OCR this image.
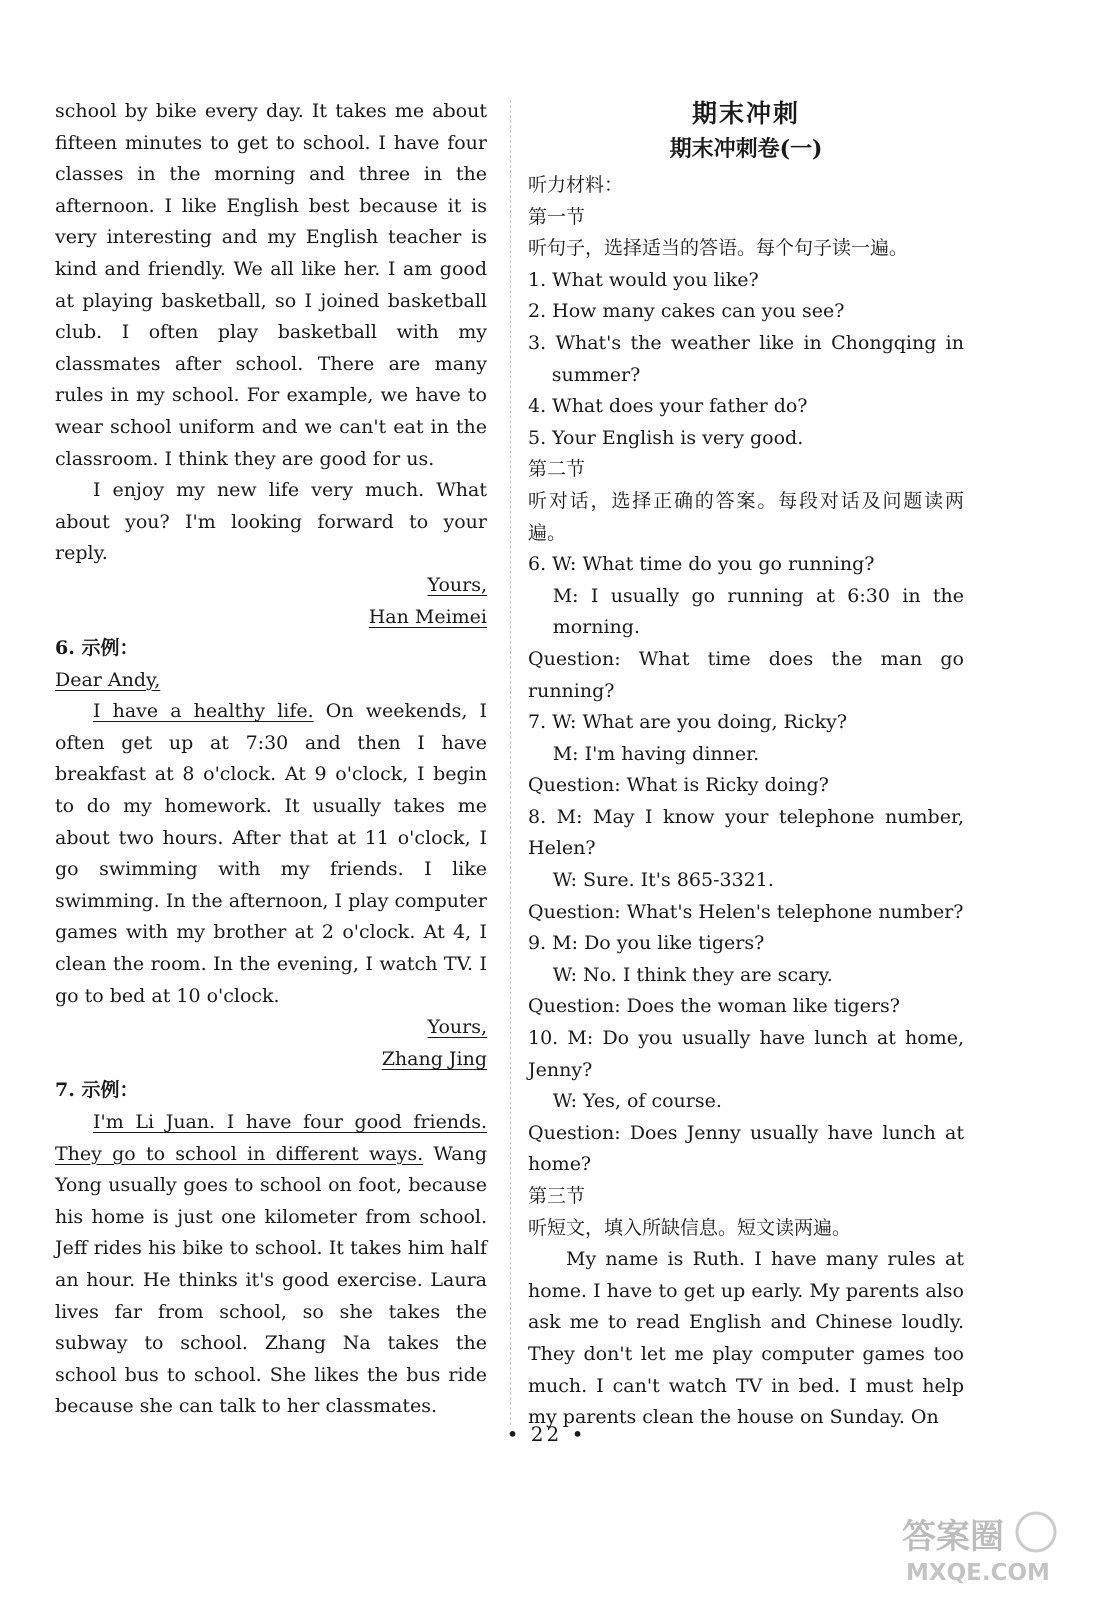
school by bike every day. It takes me about fifteen minutes to get to school. I have four classes in the morning and three in the afternoon. I like English best because it is very interesting and my English teacher is kind and friendly. We all like her. I am good at playing basketball, so I joined basketball club. I often play basketball with my classmates after school. There are many rules in my school. For example, we have to wear school uniform and we can't eat in the classroom. I think they are good for us.

I enjoy my new life very much. What about you? I'm looking forward to your reply.

Yours,

Han Meimei

6. 示例：

Dear Andy,

I have a healthy life. On weekends, I often get up at 7:30 and then I have breakfast at 8 o'clock. At 9 o'clock, I begin to do my homework. It usually takes me about two hours. After that at 11 o'clock, I go swimming with my friends. I like swimming. In the afternoon, I play computer games with my brother at 2 o'clock. At 4, I clean the room. In the evening, I watch TV. I go to bed at 10 o'clock.

Yours,

Zhang Jing

7. 示例：

I'm Li Juan. I have four good friends. They go to school in different ways. Wang Yong usually goes to school on foot, because his home is just one kilometer from school. Jeff rides his bike to school. It takes him half an hour. He thinks it's good exercise. Laura lives far from school, so she takes the subway to school. Zhang Na takes the school bus to school. She likes the bus ride because she can talk to her classmates.

期末冲刺
期末冲刺卷(一)

听力材料：

第一节

听句子，选择适当的答语。每个句子读一遍。

1. What would you like?

2. How many cakes can you see?

3. What's the weather like in Chongqing in summer?

4. What does your father do?

5. Your English is very good.

第二节

听对话，选择正确的答案。每段对话及问题读两遍。

6. W: What time do you go running?

M: I usually go running at 6:30 in the morning.

Question: What time does the man go running?

7. W: What are you doing, Ricky?

M: I'm having dinner.

Question: What is Ricky doing?

8. M: May I know your telephone number, Helen?

W: Sure. It's 865-3321.

Question: What's Helen's telephone number?

9. M: Do you like tigers?

W: No. I think they are scary.

Question: Does the woman like tigers?

10. M: Do you usually have lunch at home, Jenny?

W: Yes, of course.

Question: Does Jenny usually have lunch at home?

第三节

听短文，填入所缺信息。短文读两遍。

My name is Ruth. I have many rules at home. I have to get up early. My parents also ask me to read English and Chinese loudly. They don't let me play computer games too much. I can't watch TV in bed. I must help my parents clean the house on Sunday. On

• 22 •
答案圈
MXQE.COM
